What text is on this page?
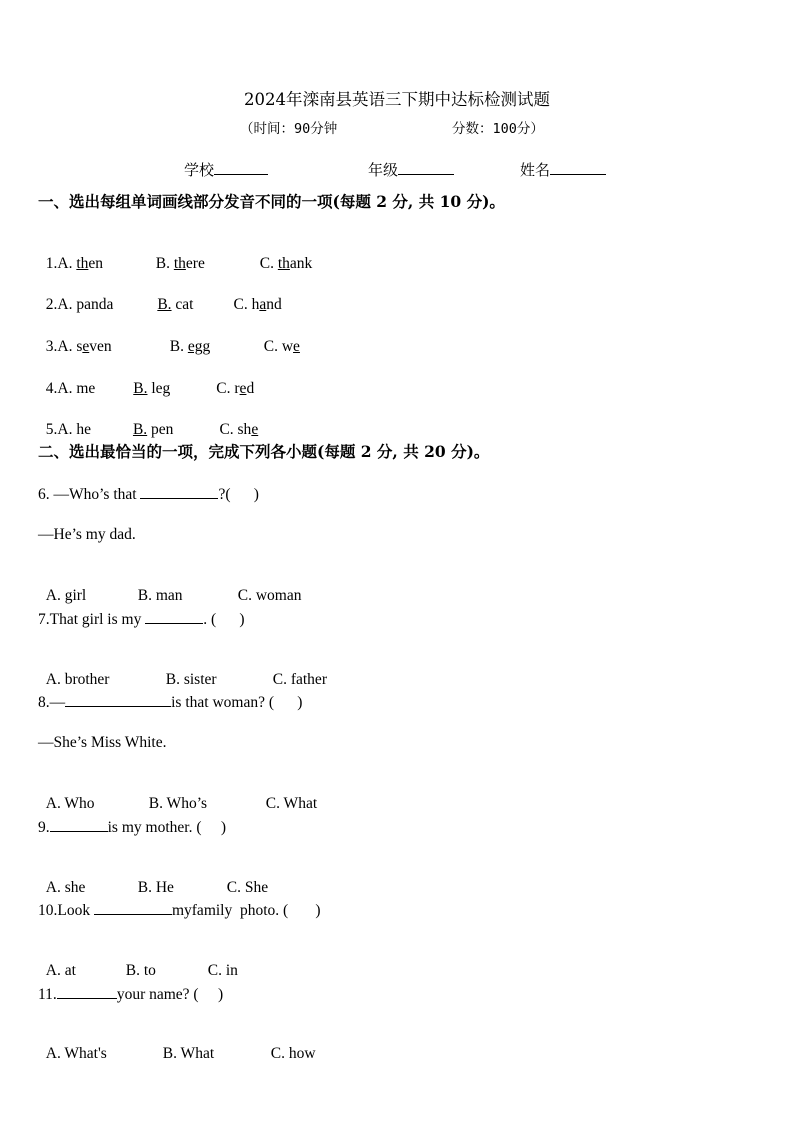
2024年滦南县英语三下期中达标检测试题
（时间：90分钟	分数：100分）
学校	年级	姓名
一、选出每组单词画线部分发音不同的一项(每题 2 分, 共 10 分)。

1.A. then	B. there	C. thank

2.A. panda	B. cat	C. hand

3.A. seven	B. egg	C. we

4.A. me B. leg	C. red

5.A. he	B. pen	C. she

二、选出最恰当的一项，完成下列各小题(每题 2 分, 共 20 分)。
6. —Who’s that	?(      )
—He’s my dad.

A. girl	B. man	C. woman

7.That girl is my	. (      )

A. brother	B. sister	C. father

8.—	is that woman? (      )
—She’s Miss White.

A. Who	B. Who’s	C. What

9.	is my mother. (     )

A. she	B. He	C. She

10.Look	myfamily  photo. (       )

A. at	B. to	C. in

11.	your name? (     )

A. What's	B. What	C. how
